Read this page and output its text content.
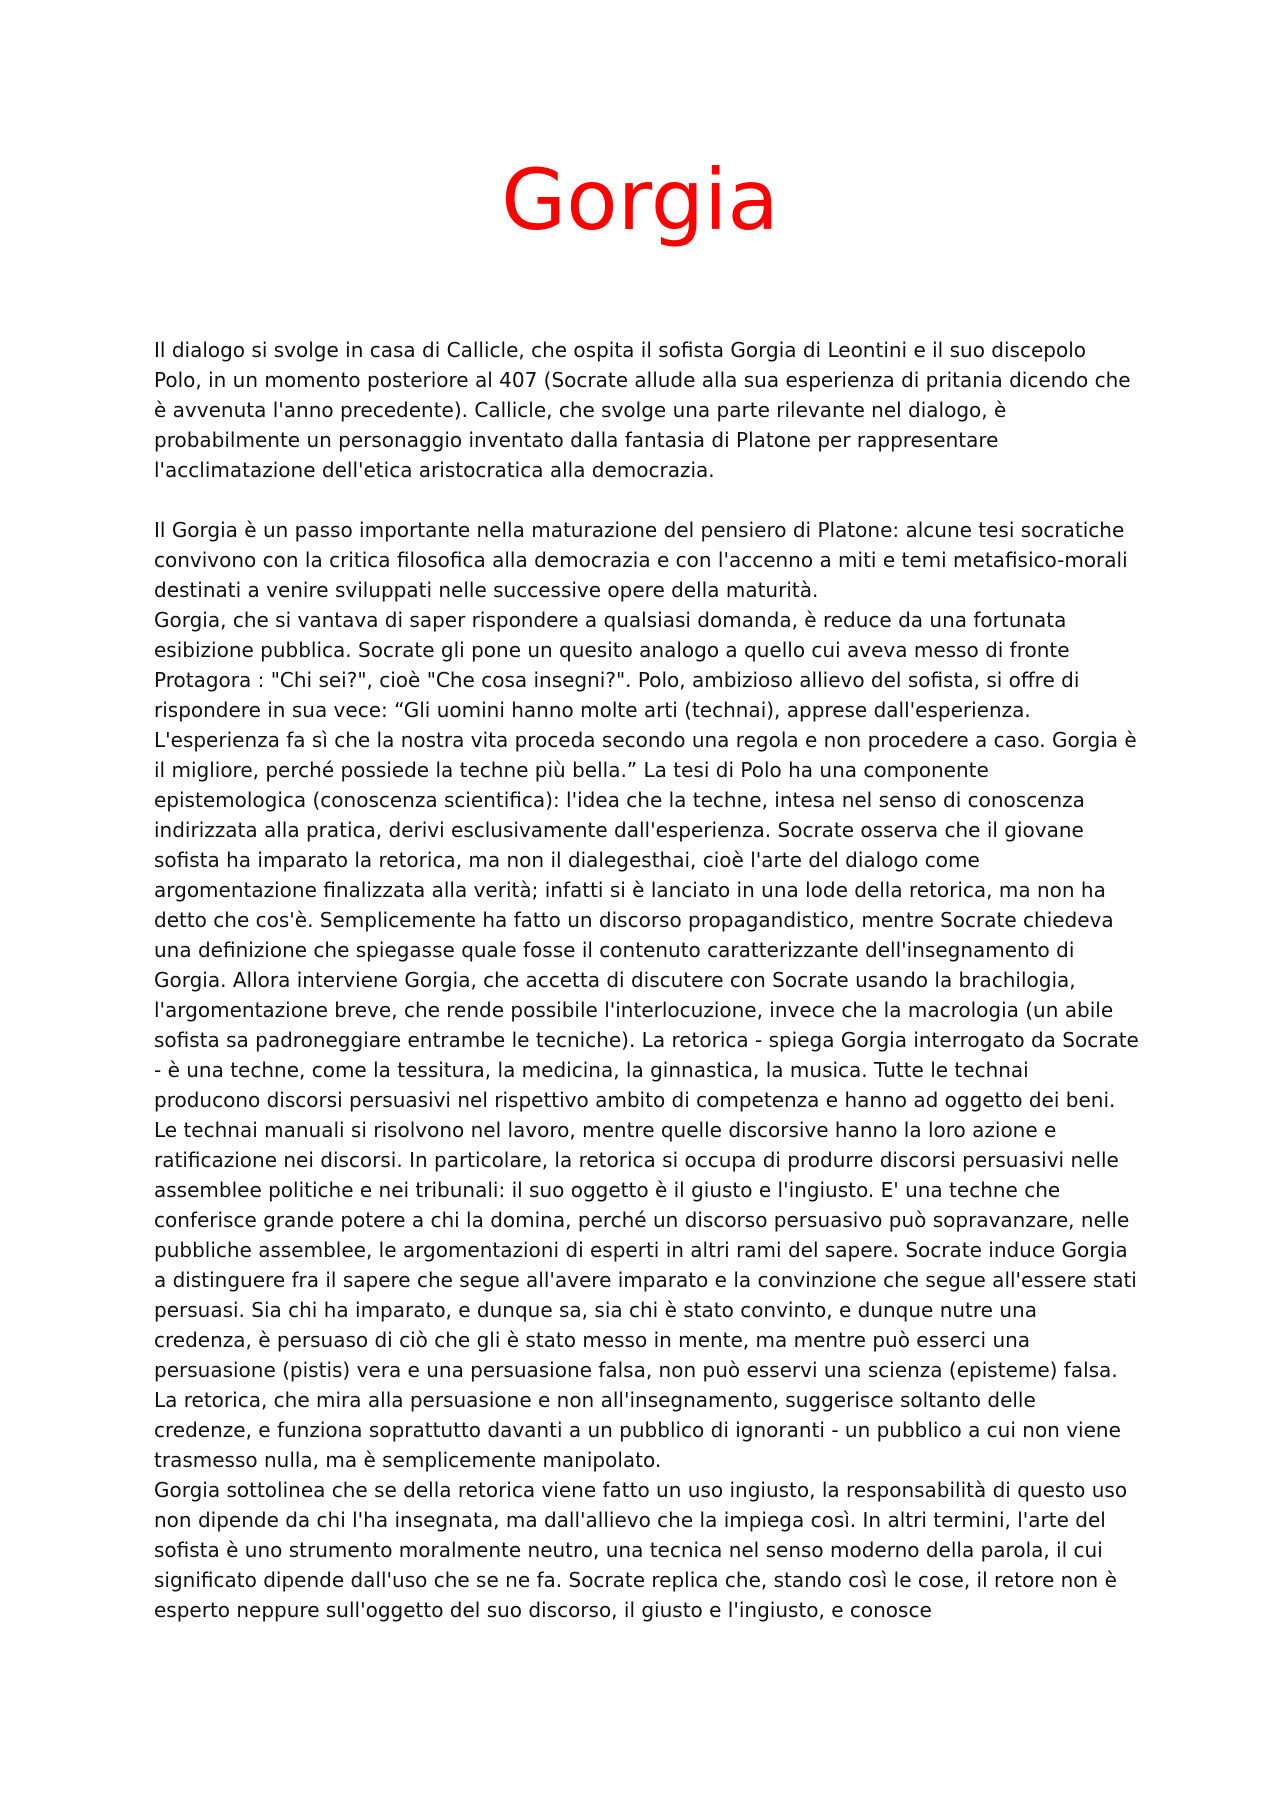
Gorgia

Il dialogo si svolge in casa di Callicle, che ospita il sofista Gorgia di Leontini e il suo discepolo Polo, in un momento posteriore al 407 (Socrate allude alla sua esperienza di pritania dicendo che è avvenuta l'anno precedente). Callicle, che svolge una parte rilevante nel dialogo, è probabilmente un personaggio inventato dalla fantasia di Platone per rappresentare l'acclimatazione dell'etica aristocratica alla democrazia.

Il Gorgia è un passo importante nella maturazione del pensiero di Platone: alcune tesi socratiche convivono con la critica filosofica alla democrazia e con l'accenno a miti e temi metafisico-morali destinati a venire sviluppati nelle successive opere della maturità.

Gorgia, che si vantava di saper rispondere a qualsiasi domanda, è reduce da una fortunata esibizione pubblica. Socrate gli pone un quesito analogo a quello cui aveva messo di fronte Protagora : "Chi sei?", cioè "Che cosa insegni?". Polo, ambizioso allievo del sofista, si offre di rispondere in sua vece: “Gli uomini hanno molte arti (technai), apprese dall'esperienza. L'esperienza fa sì che la nostra vita proceda secondo una regola e non procedere a caso. Gorgia è il migliore, perché possiede la techne più bella.” La tesi di Polo ha una componente epistemologica (conoscenza scientifica): l'idea che la techne, intesa nel senso di conoscenza indirizzata alla pratica, derivi esclusivamente dall'esperienza. Socrate osserva che il giovane sofista ha imparato la retorica, ma non il dialegesthai, cioè l'arte del dialogo come argomentazione finalizzata alla verità; infatti si è lanciato in una lode della retorica, ma non ha detto che cos'è. Semplicemente ha fatto un discorso propagandistico, mentre Socrate chiedeva una definizione che spiegasse quale fosse il contenuto caratterizzante dell'insegnamento di Gorgia. Allora interviene Gorgia, che accetta di discutere con Socrate usando la brachilogia, l'argomentazione breve, che rende possibile l'interlocuzione, invece che la macrologia (un abile sofista sa padroneggiare entrambe le tecniche). La retorica - spiega Gorgia interrogato da Socrate - è una techne, come la tessitura, la medicina, la ginnastica, la musica. Tutte le technai producono discorsi persuasivi nel rispettivo ambito di competenza e hanno ad oggetto dei beni. Le technai manuali si risolvono nel lavoro, mentre quelle discorsive hanno la loro azione e ratificazione nei discorsi. In particolare, la retorica si occupa di produrre discorsi persuasivi nelle assemblee politiche e nei tribunali: il suo oggetto è il giusto e l'ingiusto. E' una techne che conferisce grande potere a chi la domina, perché un discorso persuasivo può sopravanzare, nelle pubbliche assemblee, le argomentazioni di esperti in altri rami del sapere. Socrate induce Gorgia a distinguere fra il sapere che segue all'avere imparato e la convinzione che segue all'essere stati persuasi. Sia chi ha imparato, e dunque sa, sia chi è stato convinto, e dunque nutre una credenza, è persuaso di ciò che gli è stato messo in mente, ma mentre può esserci una persuasione (pistis) vera e una persuasione falsa, non può esservi una scienza (episteme) falsa. La retorica, che mira alla persuasione e non all'insegnamento, suggerisce soltanto delle credenze, e funziona soprattutto davanti a un pubblico di ignoranti - un pubblico a cui non viene trasmesso nulla, ma è semplicemente manipolato.

Gorgia sottolinea che se della retorica viene fatto un uso ingiusto, la responsabilità di questo uso non dipende da chi l'ha insegnata, ma dall'allievo che la impiega così. In altri termini, l'arte del sofista è uno strumento moralmente neutro, una tecnica nel senso moderno della parola, il cui significato dipende dall'uso che se ne fa. Socrate replica che, stando così le cose, il retore non è esperto neppure sull'oggetto del suo discorso, il giusto e l'ingiusto, e conosce
